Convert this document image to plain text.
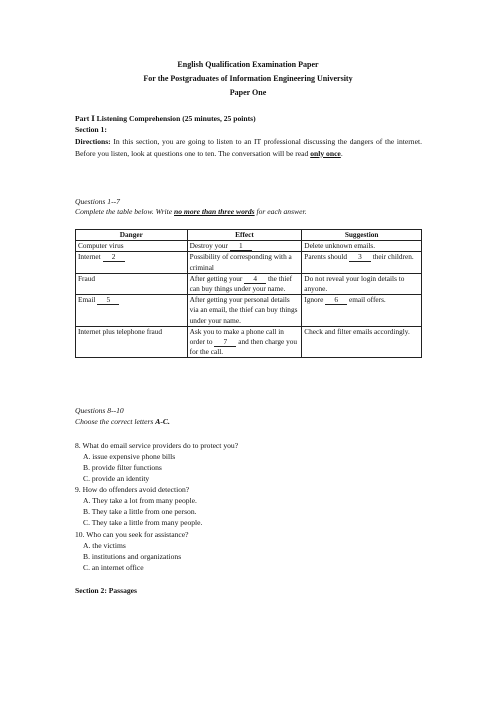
English Qualification Examination Paper
For the Postgraduates of Information Engineering University
Paper One
Part Ⅰ Listening Comprehension (25 minutes, 25 points)
Section 1:
Directions: In this section, you are going to listen to an IT professional discussing the dangers of the internet. Before you listen, look at questions one to ten. The conversation will be read only once.
Questions 1--7
Complete the table below. Write no more than three words for each answer.
Danger	Effect	Suggestion
Computer virus	Destroy your 1	Delete unknown emails.
Internet 2	Possibility of corresponding with a criminal	Parents should 3 their children.
Fraud	After getting your 4 the thief can buy things under your name.	Do not reveal your login details to anyone.
Email 5	After getting your personal details via an email, the thief can buy things under your name.	Ignore 6 email offers.
Internet plus telephone fraud	Ask you to make a phone call in order to 7 and then charge you for the call.	Check and filter emails accordingly.
Questions 8--10
Choose the correct letters A-C.
8. What do email service providers do to protect you?
A. issue expensive phone bills
B. provide filter functions
C. provide an identity
9. How do offenders avoid detection?
A. They take a lot from many people.
B. They take a little from one person.
C. They take a little from many people.
10. Who can you seek for assistance?
A. the victims
B. institutions and organizations
C. an internet office
Section 2: Passages
